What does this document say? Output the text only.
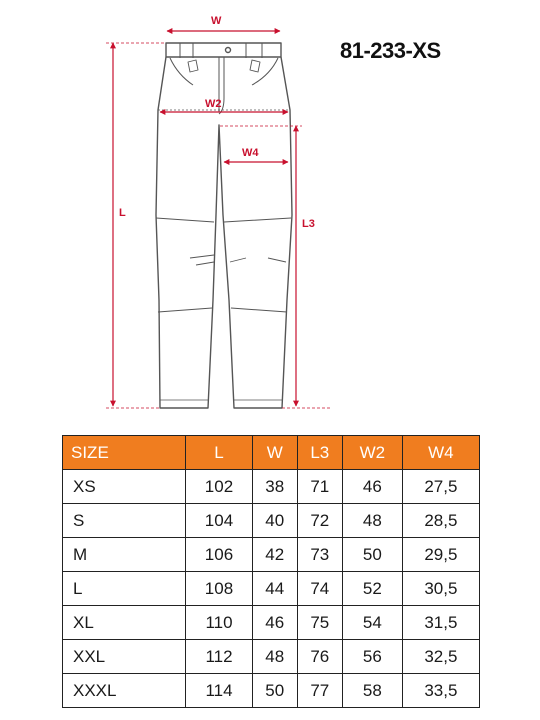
81-233-XS
W
W2
W4
L
L3
SIZE	L	W	L3	W2	W4
XS	102	38	71	46	27,5
S	104	40	72	48	28,5
M	106	42	73	50	29,5
L	108	44	74	52	30,5
XL	110	46	75	54	31,5
XXL	112	48	76	56	32,5
XXXL	114	50	77	58	33,5
